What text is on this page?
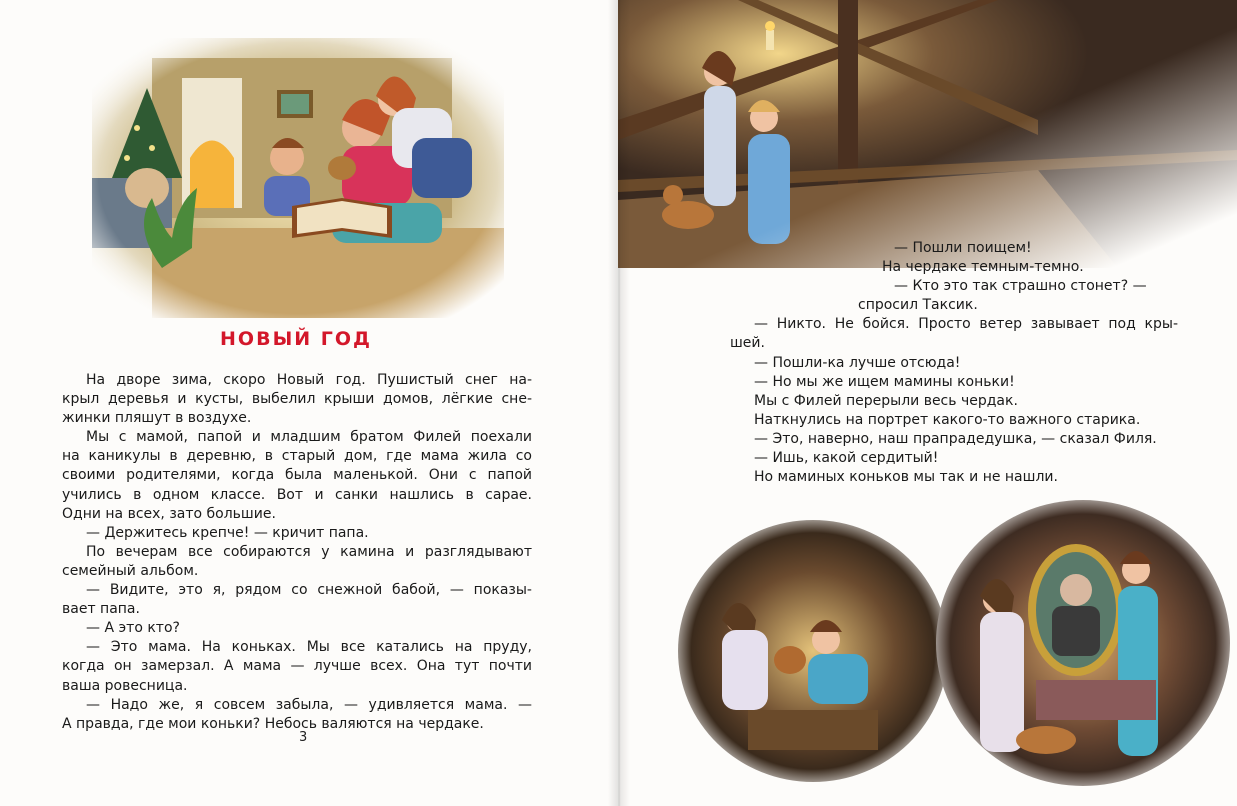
НОВЫЙ ГОД
На дворе зима, скоро Новый год. Пушистый снег на-
крыл деревья и кусты, выбелил крыши домов, лёгкие сне-
жинки пляшут в воздухе.
Мы с мамой, папой и младшим братом Филей поехали
на каникулы в деревню, в старый дом, где мама жила со
своими родителями, когда была маленькой. Они с папой
учились в одном классе. Вот и санки нашлись в сарае.
Одни на всех, зато большие.
— Держитесь крепче! — кричит папа.
По вечерам все собираются у камина и разглядывают
семейный альбом.
— Видите, это я, рядом со снежной бабой, — показы-
вает папа.
— А это кто?
— Это мама. На коньках. Мы все катались на пруду,
когда он замерзал. А мама — лучше всех. Она тут почти
ваша ровесница.
— Надо же, я совсем забыла, — удивляется мама. —
А правда, где мои коньки? Небось валяются на чердаке.
3
— Пошли поищем!
На чердаке темным-темно.
— Кто это так страшно стонет? —
спросил Таксик.
— Никто. Не бойся. Просто ветер завывает под кры-
шей.
— Пошли-ка лучше отсюда!
— Но мы же ищем мамины коньки!
Мы с Филей перерыли весь чердак.
Наткнулись на портрет какого-то важного старика.
— Это, наверно, наш прапрадедушка, — сказал Филя.
— Ишь, какой сердитый!
Но маминых коньков мы так и не нашли.
